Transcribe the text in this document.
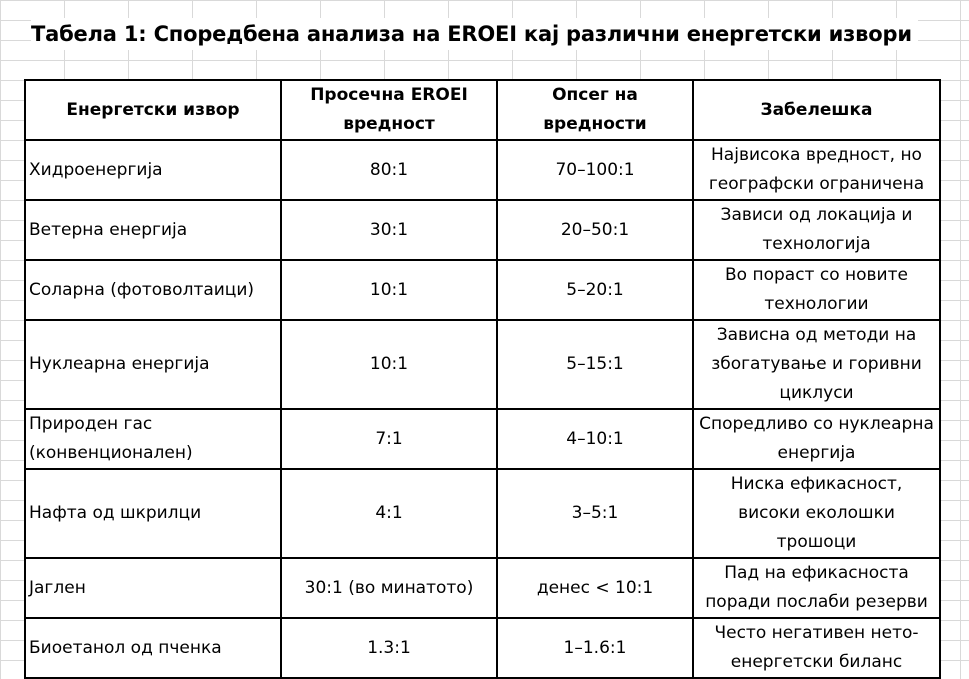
Табела 1: Споредбена анализа на EROEI кај различни енергетски извори
Енергетски извор	Просечна EROEI вредност	Опсег на вредности	Забелешка
Хидроенергија	80:1	70–100:1	Највисока вредност, но географски ограничена
Ветерна енергија	30:1	20–50:1	Зависи од локација и технологија
Соларна (фотоволтаици)	10:1	5–20:1	Во пораст со новите технологии
Нуклеарна енергија	10:1	5–15:1	Зависна од методи на збогатување и горивни циклуси
Природен гас (конвенционален)	7:1	4–10:1	Споредливо со нуклеарна енергија
Нафта од шкрилци	4:1	3–5:1	Ниска ефикасност, високи еколошки трошоци
Јаглен	30:1 (во минатото)	денес < 10:1	Пад на ефикасноста поради послаби резерви
Биоетанол од пченка	1.3:1	1–1.6:1	Често негативен нето-енергетски биланс
